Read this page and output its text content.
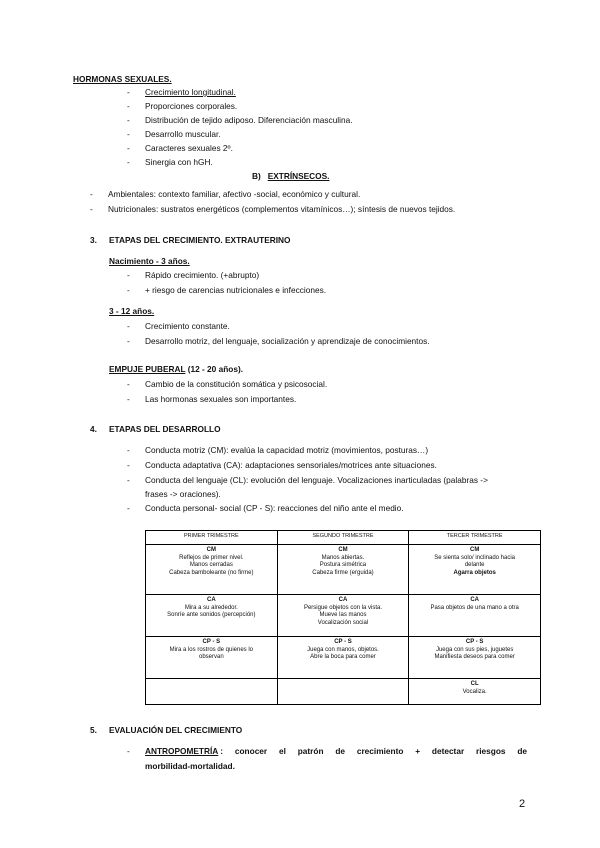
HORMONAS SEXUALES.
- Crecimiento longitudinal.
- Proporciones corporales.
- Distribución de tejido adiposo. Diferenciación masculina.
- Desarrollo muscular.
- Caracteres sexuales 2º.
- Sinergia con hGH.
B) EXTRÍNSECOS.
- Ambientales: contexto familiar, afectivo -social, económico y cultural.
- Nutricionales: sustratos energéticos (complementos vitamínicos…); síntesis de nuevos tejidos.
3. ETAPAS DEL CRECIMIENTO. EXTRAUTERINO
Nacimiento - 3 años.
- Rápido crecimiento. (+abrupto)
- + riesgo de carencias nutricionales e infecciones.
3 - 12 años.
- Crecimiento constante.
- Desarrollo motriz, del lenguaje, socialización y aprendizaje de conocimientos.
EMPUJE PUBERAL (12 - 20 años).
- Cambio de la constitución somática y psicosocial.
- Las hormonas sexuales son importantes.
4. ETAPAS DEL DESARROLLO
- Conducta motriz (CM): evalúa la capacidad motriz (movimientos, posturas…)
- Conducta adaptativa (CA): adaptaciones sensoriales/motrices ante situaciones.
- Conducta del lenguaje (CL): evolución del lenguaje. Vocalizaciones inarticuladas (palabras ->
frases -> oraciones).
- Conducta personal- social (CP - S): reacciones del niño ante el medio.
PRIMER TRIMESTRE	SEGUNDO TRIMESTRE	TERCER TRIMESTRE

CM
Reflejos de primer nivel.
Manos cerradas
Cabeza bamboleante (no firme)	CM
Manos abiertas.
Postura simétrica
Cabeza firme (erguida)	CM
Se sienta solo/ inclinado hacia
delante
Agarra objetos

CA
Mira a su alrededor.
Sonríe ante sonidos (percepción)	CA
Persigue objetos con la vista.
Mueve las manos
Vocalización social	CA
Pasa objetos de una mano a otra

CP - S
Mira a los rostros de quienes lo
observan	CP - S
Juega con manos, objetos.
Abre la boca para comer	CP - S
Juega con sus pies, juguetes
Manifiesta deseos para comer

		CL
Vocaliza.
5. EVALUACIÓN DEL CRECIMIENTO
- ANTROPOMETRÍA : conocer el patrón de crecimiento + detectar riesgos de
morbilidad-mortalidad.
2
